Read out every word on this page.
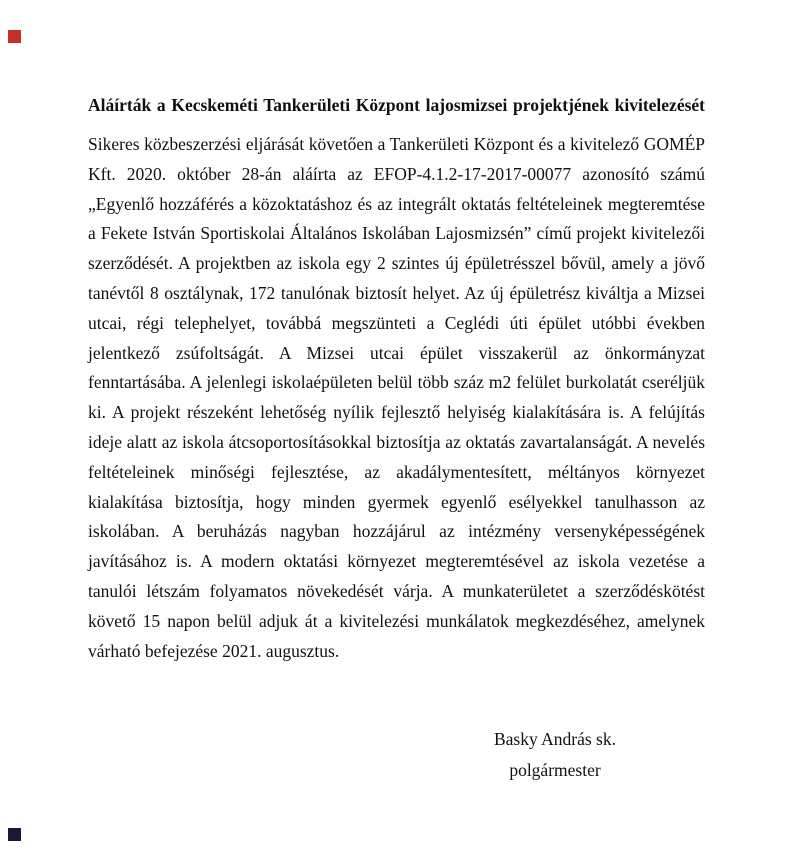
Aláírták a Kecskeméti Tankerületi Központ lajosmizsei projektjének kivitelezését
Sikeres közbeszerzési eljárását követően a Tankerületi Központ és a kivitelező GOMÉP
Kft. 2020. október 28-án aláírta az EFOP-4.1.2-17-2017-00077 azonosító számú
„Egyenlő hozzáférés a közoktatáshoz és az integrált oktatás feltételeinek megteremtése
a Fekete István Sportiskolai Általános Iskolában Lajosmizsén” című projekt kivitelezői
szerződését. A projektben az iskola egy 2 szintes új épületrésszel bővül, amely a jövő
tanévtől 8 osztálynak, 172 tanulónak biztosít helyet. Az új épületrész kiváltja a Mizsei
utcai, régi telephelyet, továbbá megszünteti a Ceglédi úti épület utóbbi években
jelentkező zsúfoltságát. A Mizsei utcai épület visszakerül az önkormányzat
fenntartásába. A jelenlegi iskolaépületen belül több száz m2 felület burkolatát cseréljük
ki. A projekt részeként lehetőség nyílik fejlesztő helyiség kialakítására is. A felújítás
ideje alatt az iskola átcsoportosításokkal biztosítja az oktatás zavartalanságát. A nevelés
feltételeinek minőségi fejlesztése, az akadálymentesített, méltányos környezet
kialakítása biztosítja, hogy minden gyermek egyenlő esélyekkel tanulhasson az
iskolában. A beruházás nagyban hozzájárul az intézmény versenyképességének
javításához is. A modern oktatási környezet megteremtésével az iskola vezetése a
tanulói létszám folyamatos növekedését várja. A munkaterületet a szerződéskötést
követő 15 napon belül adjuk át a kivitelezési munkálatok megkezdéséhez, amelynek
várható befejezése 2021. augusztus.
Basky András sk.
polgármester
